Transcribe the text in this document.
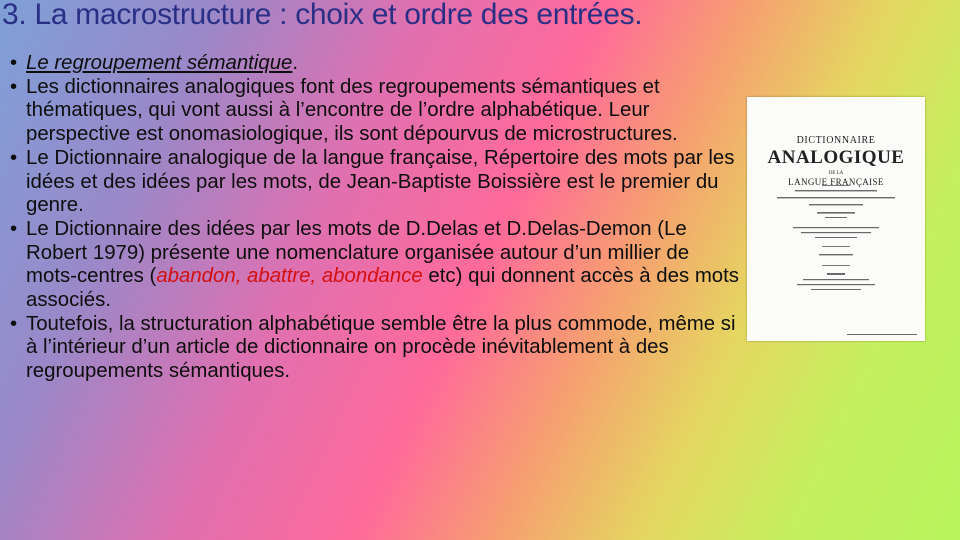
3. La macrostructure : choix et ordre des entrées.
• Le regroupement sémantique.
• Les dictionnaires analogiques font des regroupements sémantiques et thématiques, qui vont aussi à l’encontre de l’ordre alphabétique. Leur perspective est onomasiologique, ils sont dépourvus de microstructures.
• Le Dictionnaire analogique de la langue française, Répertoire des mots par les idées et des idées par les mots, de Jean-Baptiste Boissière est le premier du genre.
• Le Dictionnaire des idées par les mots de D.Delas et D.Delas-Demon (Le Robert 1979) présente une nomenclature organisée autour d’un millier de mots-centres (abandon, abattre, abondance etc) qui donnent accès à des mots associés.
• Toutefois, la structuration alphabétique semble être la plus commode, même si à l’intérieur d’un article de dictionnaire on procède inévitablement à des regroupements sémantiques.
DICTIONNAIRE
ANALOGIQUE
DE LA
LANGUE FRANÇAISE
